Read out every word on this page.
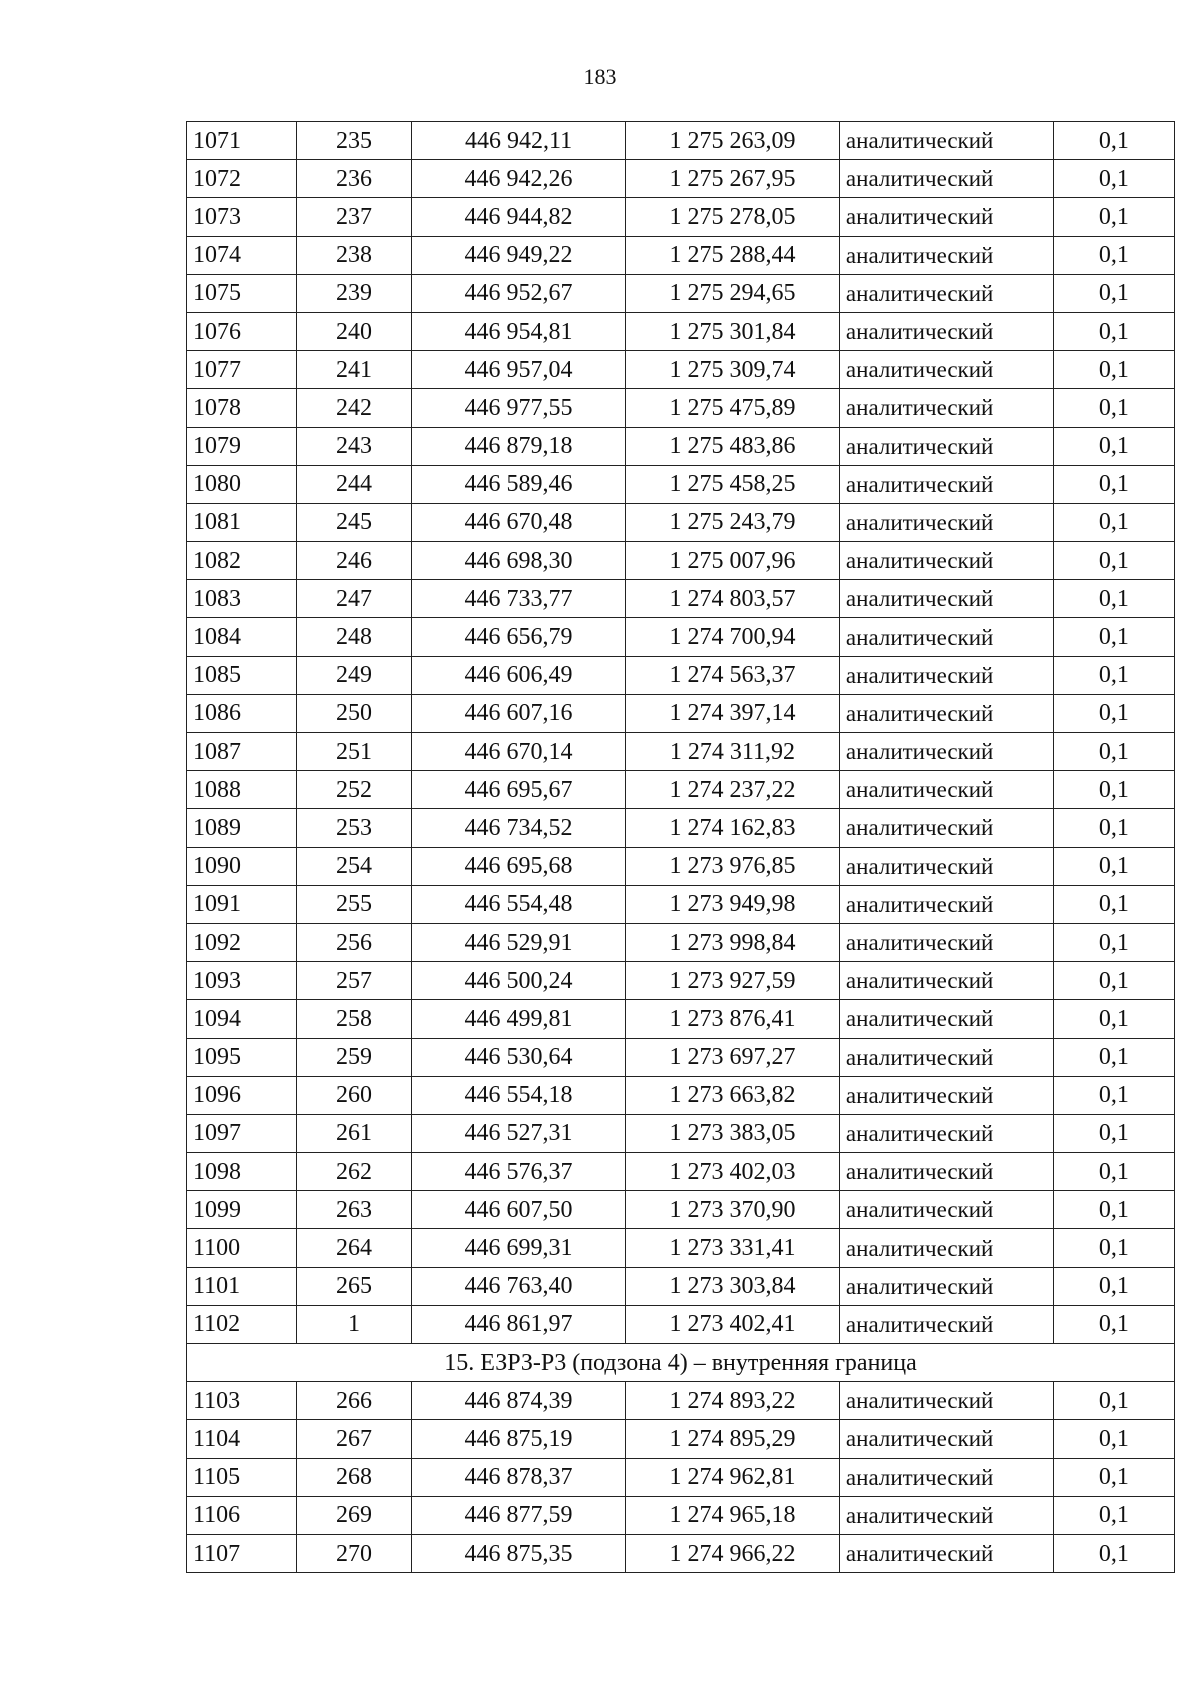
183
1071	235	446 942,11	1 275 263,09	аналитический	0,1
1072	236	446 942,26	1 275 267,95	аналитический	0,1
1073	237	446 944,82	1 275 278,05	аналитический	0,1
1074	238	446 949,22	1 275 288,44	аналитический	0,1
1075	239	446 952,67	1 275 294,65	аналитический	0,1
1076	240	446 954,81	1 275 301,84	аналитический	0,1
1077	241	446 957,04	1 275 309,74	аналитический	0,1
1078	242	446 977,55	1 275 475,89	аналитический	0,1
1079	243	446 879,18	1 275 483,86	аналитический	0,1
1080	244	446 589,46	1 275 458,25	аналитический	0,1
1081	245	446 670,48	1 275 243,79	аналитический	0,1
1082	246	446 698,30	1 275 007,96	аналитический	0,1
1083	247	446 733,77	1 274 803,57	аналитический	0,1
1084	248	446 656,79	1 274 700,94	аналитический	0,1
1085	249	446 606,49	1 274 563,37	аналитический	0,1
1086	250	446 607,16	1 274 397,14	аналитический	0,1
1087	251	446 670,14	1 274 311,92	аналитический	0,1
1088	252	446 695,67	1 274 237,22	аналитический	0,1
1089	253	446 734,52	1 274 162,83	аналитический	0,1
1090	254	446 695,68	1 273 976,85	аналитический	0,1
1091	255	446 554,48	1 273 949,98	аналитический	0,1
1092	256	446 529,91	1 273 998,84	аналитический	0,1
1093	257	446 500,24	1 273 927,59	аналитический	0,1
1094	258	446 499,81	1 273 876,41	аналитический	0,1
1095	259	446 530,64	1 273 697,27	аналитический	0,1
1096	260	446 554,18	1 273 663,82	аналитический	0,1
1097	261	446 527,31	1 273 383,05	аналитический	0,1
1098	262	446 576,37	1 273 402,03	аналитический	0,1
1099	263	446 607,50	1 273 370,90	аналитический	0,1
1100	264	446 699,31	1 273 331,41	аналитический	0,1
1101	265	446 763,40	1 273 303,84	аналитический	0,1
1102	1	446 861,97	1 273 402,41	аналитический	0,1
15. ЕЗРЗ-Р3 (подзона 4) – внутренняя граница					
1103	266	446 874,39	1 274 893,22	аналитический	0,1
1104	267	446 875,19	1 274 895,29	аналитический	0,1
1105	268	446 878,37	1 274 962,81	аналитический	0,1
1106	269	446 877,59	1 274 965,18	аналитический	0,1
1107	270	446 875,35	1 274 966,22	аналитический	0,1
